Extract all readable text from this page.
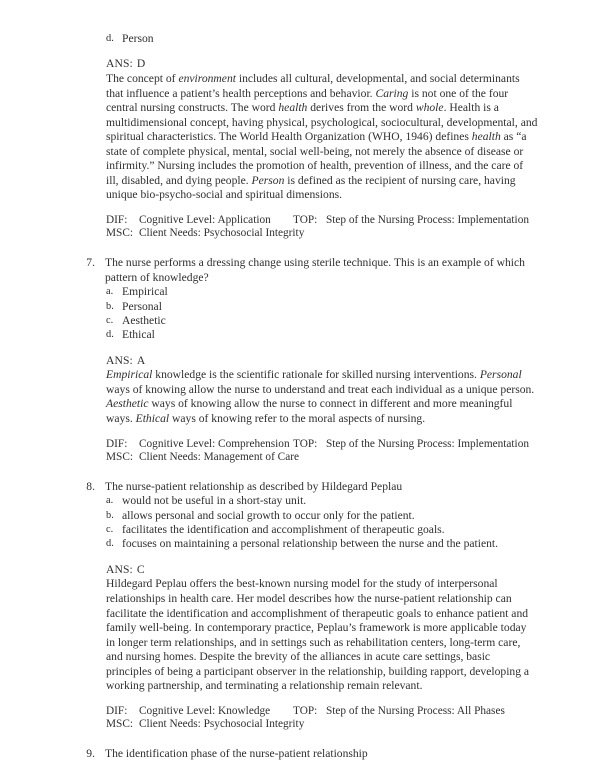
d. Person
ANS: D

The concept of environment includes all cultural, developmental, and social determinants that influence a patient’s health perceptions and behavior. Caring is not one of the four central nursing constructs. The word health derives from the word whole. Health is a multidimensional concept, having physical, psychological, sociocultural, developmental, and spiritual characteristics. The World Health Organization (WHO, 1946) defines health as “a state of complete physical, mental, social well-being, not merely the absence of disease or infirmity.” Nursing includes the promotion of health, prevention of illness, and the care of ill, disabled, and dying people. Person is defined as the recipient of nursing care, having unique bio-psycho-social and spiritual dimensions.

DIF:	Cognitive Level: Application	TOP: Step of the Nursing Process: Implementation
MSC: Client Needs: Psychosocial Integrity
7. The nurse performs a dressing change using sterile technique. This is an example of which pattern of knowledge?
a. Empirical
b. Personal
c. Aesthetic
d. Ethical
ANS: A

Empirical knowledge is the scientific rationale for skilled nursing interventions. Personal ways of knowing allow the nurse to understand and treat each individual as a unique person. Aesthetic ways of knowing allow the nurse to connect in different and more meaningful ways. Ethical ways of knowing refer to the moral aspects of nursing.

DIF:	Cognitive Level: Comprehension TOP: Step of the Nursing Process: Implementation
MSC: Client Needs: Management of Care
8. The nurse-patient relationship as described by Hildegard Peplau
a. would not be useful in a short-stay unit.
b. allows personal and social growth to occur only for the patient.
c. facilitates the identification and accomplishment of therapeutic goals.
d. focuses on maintaining a personal relationship between the nurse and the patient.
ANS: C

Hildegard Peplau offers the best-known nursing model for the study of interpersonal relationships in health care. Her model describes how the nurse-patient relationship can facilitate the identification and accomplishment of therapeutic goals to enhance patient and family well-being. In contemporary practice, Peplau’s framework is more applicable today in longer term relationships, and in settings such as rehabilitation centers, long-term care, and nursing homes. Despite the brevity of the alliances in acute care settings, basic principles of being a participant observer in the relationship, building rapport, developing a working partnership, and terminating a relationship remain relevant.

DIF:	Cognitive Level: Knowledge	TOP: Step of the Nursing Process: All Phases
MSC: Client Needs: Psychosocial Integrity
9. The identification phase of the nurse-patient relationship
